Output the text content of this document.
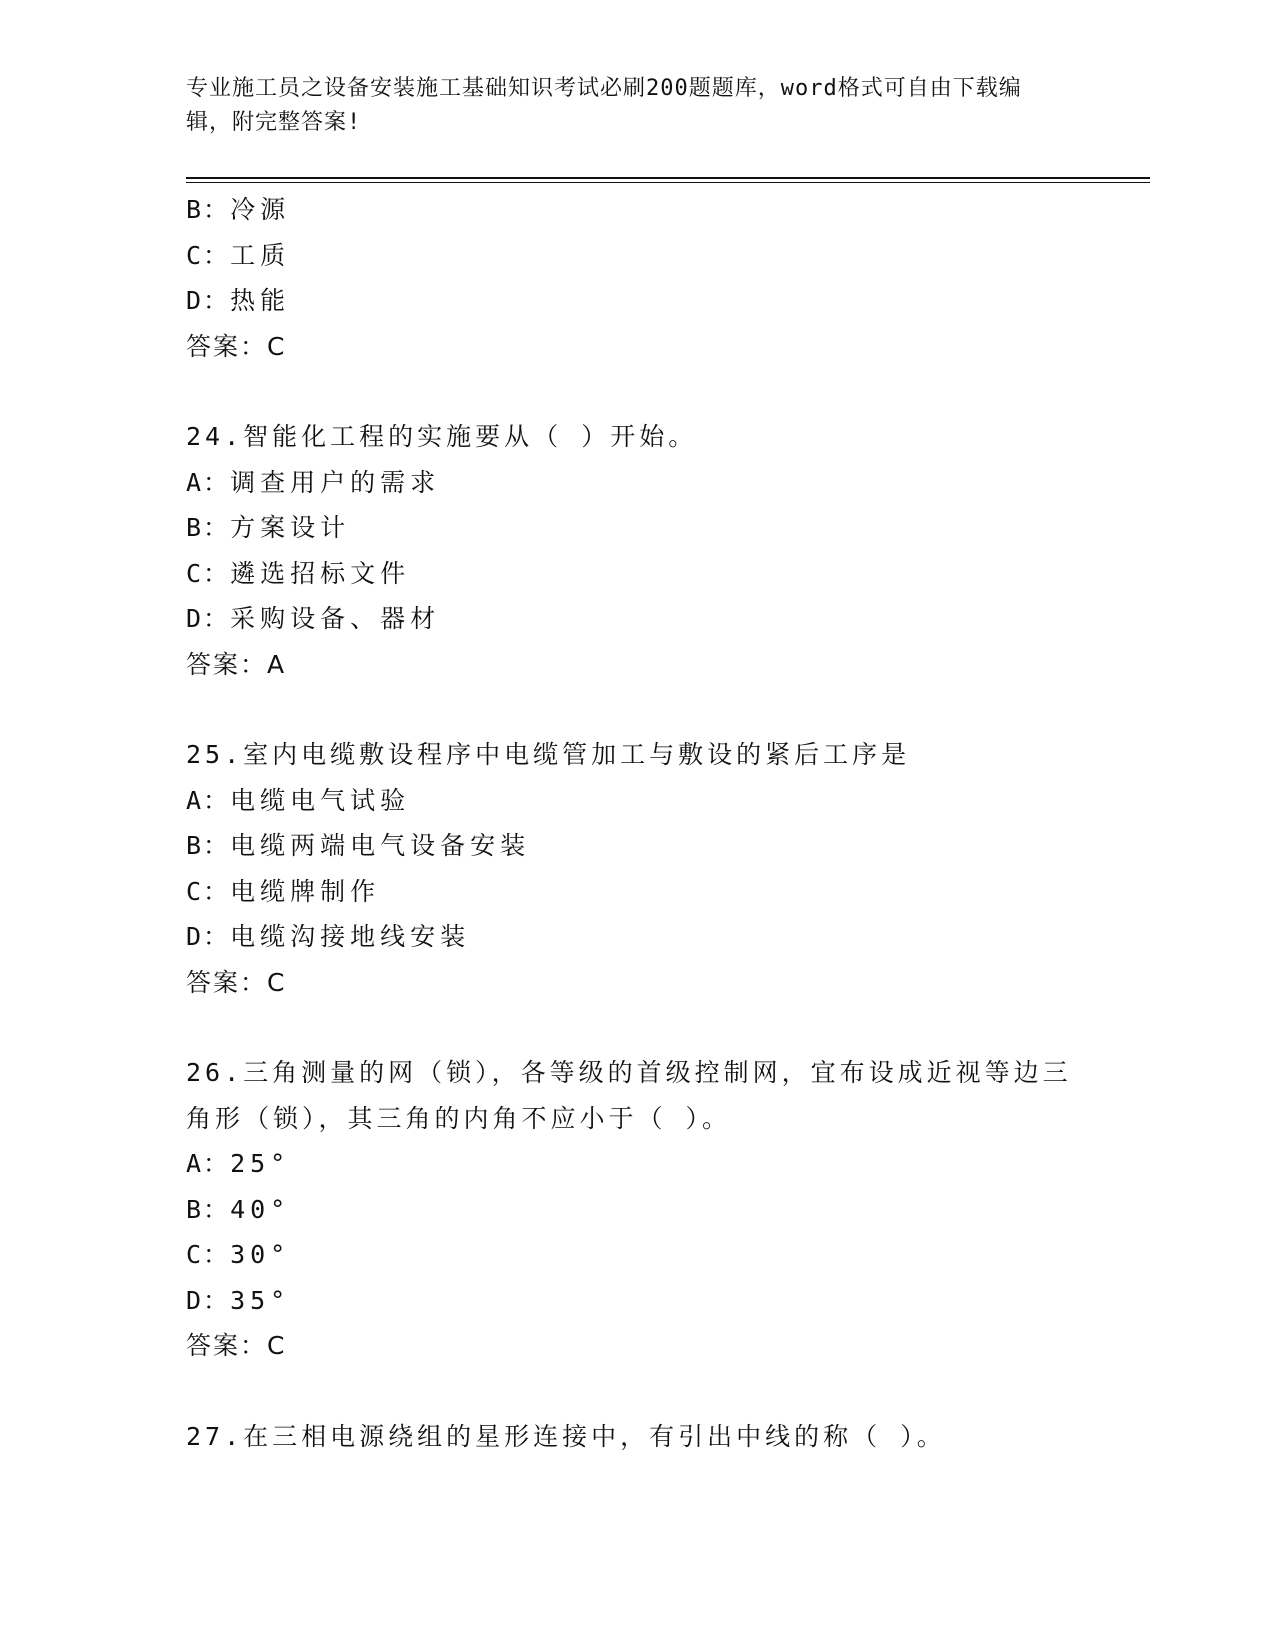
专业施工员之设备安装施工基础知识考试必刷200题题库，word格式可自由下载编辑，附完整答案!
B：冷源
C：工质
D：热能
答案：C
24.智能化工程的实施要从（ ）开始。
A：调查用户的需求
B：方案设计
C：遴选招标文件
D：采购设备、器材
答案：A
25.室内电缆敷设程序中电缆管加工与敷设的紧后工序是
A：电缆电气试验
B：电缆两端电气设备安装
C：电缆牌制作
D：电缆沟接地线安装
答案：C
26.三角测量的网（锁），各等级的首级控制网，宜布设成近视等边三角形（锁），其三角的内角不应小于（ ）。
A：25°
B：40°
C：30°
D：35°
答案：C
27.在三相电源绕组的星形连接中，有引出中线的称（ ）。
